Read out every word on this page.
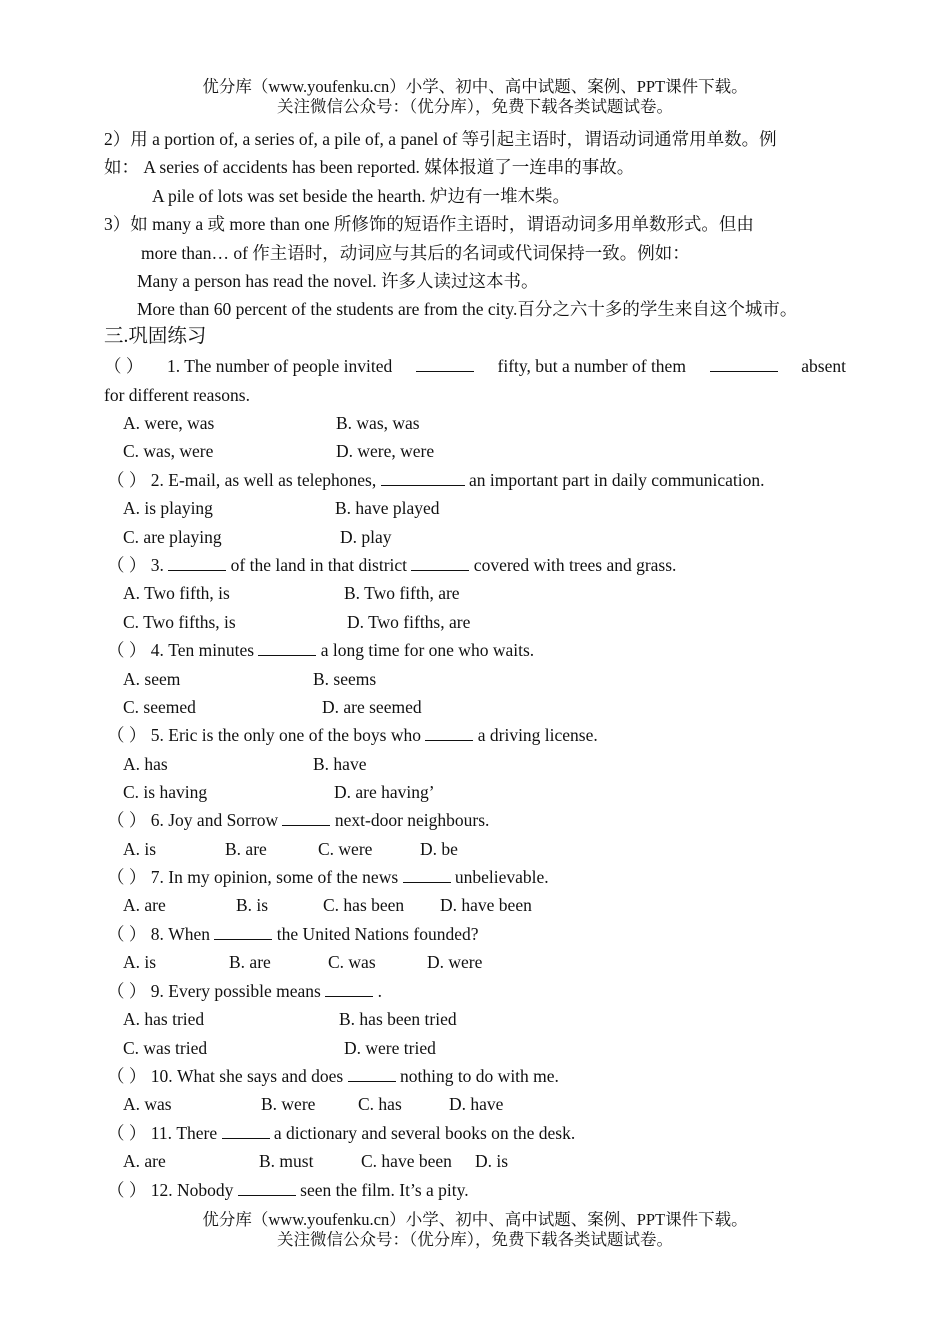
优分库（www.youfenku.cn）小学、初中、高中试题、案例、PPT课件下载。
关注微信公众号：（优分库），免费下载各类试题试卷。
2）用 a portion of, a series of, a pile of, a panel of 等引起主语时，谓语动词通常用单数。例
如： A series of accidents has been reported. 媒体报道了一连串的事故。
A pile of lots was set beside the hearth. 炉边有一堆木柴。
3）如 many a 或 more than one 所修饰的短语作主语时，谓语动词多用单数形式。但由
more than… of 作主语时，动词应与其后的名词或代词保持一致。例如：
Many a person has read the novel. 许多人读过这本书。
More than 60 percent of the students are from the city.百分之六十多的学生来自这个城市。
三.巩固练习
（ ） 1. The number of people invited	fifty, but a number of them	absent
for different reasons.
A. were, was	B. was, was
C. was, were	D. were, were
（ ） 2. E-mail, as well as telephones,	an important part in daily communication.
A. is playing	B. have played
C. are playing	D. play
（ ） 3.	of the land in that district	covered with trees and grass.
A. Two fifth, is	B. Two fifth, are
C. Two fifths, is	D. Two fifths, are
（ ） 4. Ten minutes	a long time for one who waits.
A. seem	B. seems
C. seemed	D. are seemed
（ ） 5. Eric is the only one of the boys who	a driving license.
A. has	B. have
C. is having	D. are having’
（ ） 6. Joy and Sorrow	next-door neighbours.
A. is	B. are	C. were	D. be
（ ） 7. In my opinion, some of the news	unbelievable.
A. are	B. is	C. has been D. have been
（ ） 8. When	the United Nations founded?
A. is	B. are	C. was	D. were
（ ） 9. Every possible means	.
A. has tried	B. has been tried
C. was tried	D. were tried
（ ） 10. What she says and does	nothing to do with me.
A. was	B. were C. has	D. have
（ ） 11. There	a dictionary and several books on the desk.
A. are	B. must	C. have been D. is
（ ） 12. Nobody	seen the film. It’s a pity.
优分库（www.youfenku.cn）小学、初中、高中试题、案例、PPT课件下载。
关注微信公众号：（优分库），免费下载各类试题试卷。
